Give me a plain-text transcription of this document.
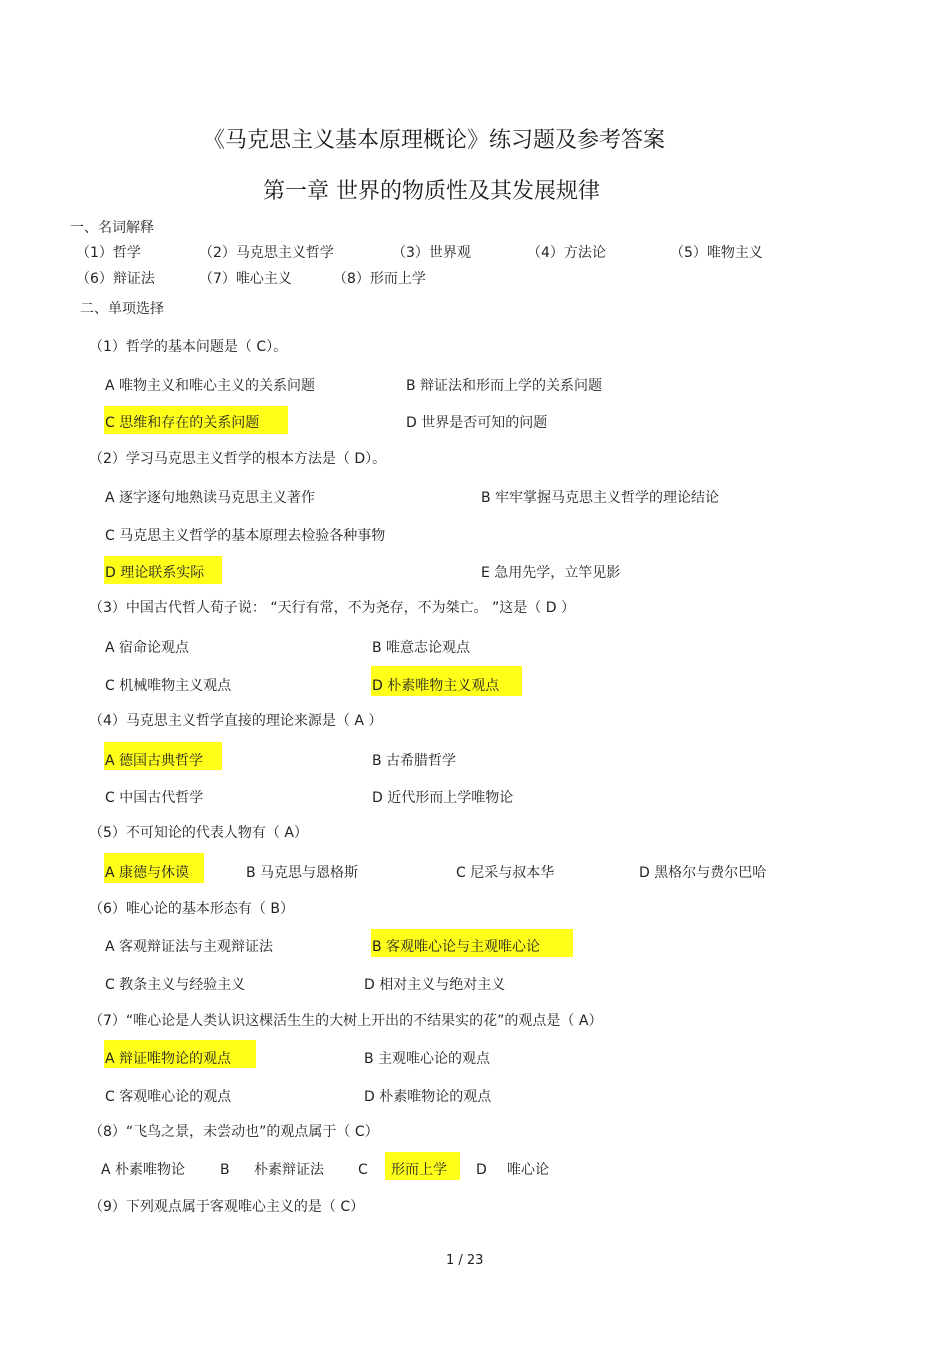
《马克思主义基本原理概论》练习题及参考答案
第一章 世界的物质性及其发展规律
一、名词解释
（1）哲学	（2）马克思主义哲学	（3）世界观	（4）方法论	（5）唯物主义
（6）辩证法	（7）唯心主义	（8）形而上学
二、单项选择
（1）哲学的基本问题是（ C）。
A 唯物主义和唯心主义的关系问题	B 辩证法和形而上学的关系问题
C 思维和存在的关系问题	D 世界是否可知的问题
（2）学习马克思主义哲学的根本方法是（ D）。
A 逐字逐句地熟读马克思主义著作	B 牢牢掌握马克思主义哲学的理论结论
C 马克思主义哲学的基本原理去检验各种事物
D 理论联系实际	E 急用先学，立竿见影
（3）中国古代哲人荀子说： “天行有常，不为尧存，不为桀亡。 ”这是（ D ）
A 宿命论观点	B 唯意志论观点
C 机械唯物主义观点	D 朴素唯物主义观点
（4）马克思主义哲学直接的理论来源是（ A ）
A 德国古典哲学	B 古希腊哲学
C 中国古代哲学	D 近代形而上学唯物论
（5）不可知论的代表人物有（ A）
A 康德与休谟	B 马克思与恩格斯	C 尼采与叔本华	D 黑格尔与费尔巴哈
（6）唯心论的基本形态有（ B）
A 客观辩证法与主观辩证法	B 客观唯心论与主观唯心论
C 教条主义与经验主义	D 相对主义与绝对主义
（7）“唯心论是人类认识这棵活生生的大树上开出的不结果实的花”的观点是（ A）
A 辩证唯物论的观点	B 主观唯心论的观点
C 客观唯心论的观点	D 朴素唯物论的观点
（8）“飞鸟之景，未尝动也”的观点属于（ C）
A 朴素唯物论 B 朴素辩证法 C 形而上学 D 唯心论
（9）下列观点属于客观唯心主义的是（ C）
1 / 23
